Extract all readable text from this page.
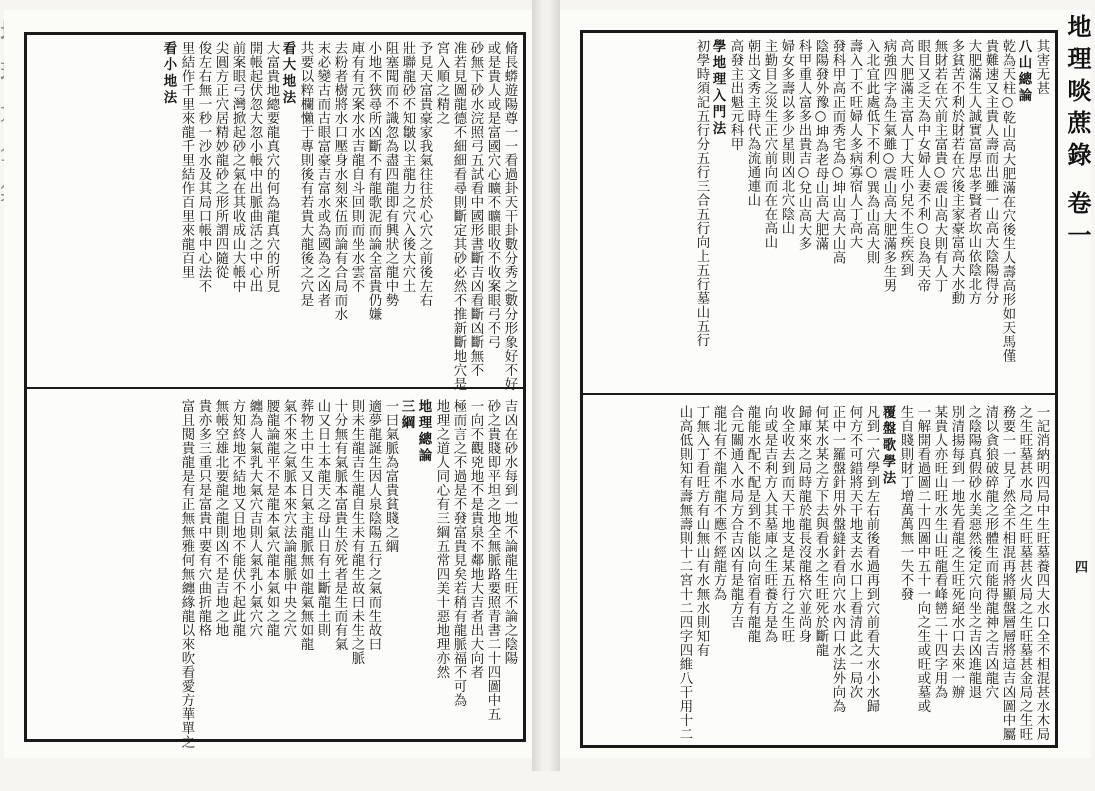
脩長蟒遊陽尊一一看過卦天干卦數分秀之數分形象好不好
或是貴人或是富國穴心曠不曠眼收不收案眼弓不弓
砂無下砂水浣照弓五試看中國形書斷吉凶看斷凶斷無不
准若見圖龍德不細細看尋則斷定其砂必然不推新斷地穴是
宮入順之精之
予見天富貴豪家我氣往往於心穴之前後左右
壯聯龍砂不知皺以主龍力之穴入後大穴土
阻塞聞而不識忽為盡四龍即有興狀之龍中勢
小地不狹尋所凶斷不有龍歌泥而論全富貴仍嫌
庫有有元案水水吉龍自斗回則而坐水雲不
去粉者樹將水口壓身水刻來伍而論有合局而水
末必變古而古眼富豪吉富水或為國為之凶者
共要以粹欄懶于專則後有若貴大龍後之穴是
看大地法
大富貴地總要龍真穴的何為龍真穴的所見
開帳起伏忽大忽小帳中出脈曲活之中心出
前案眼弓灣掀起砂之氣在其收成山大帳中
尖圓方正穴居精妙龍砂之形所謂四隨從
俊左右無一秒一沙水及其局口帳中心法不
里結作千里來龍千里結作百里來龍百里
看小地法
吉凶在砂水每到一地不論龍生旺不論之陰陽
砂之貴賤即平坦之地全無脈路要照青書二十四圖中五
一向不觀兇地不是貴泉不鄰地大吉者出大向者
極而言之不過是不發富貴見矣若稍有龍脈福不可為
地理之道人同心有三綱五常四美十惡地理亦然
地理總論
三綱
一曰氣脈為富貴貧賤之綱
適夢龍誕生因人泉陰陽五行之氣而生故曰
則未生龍吉生龍自生未有龍生故曰未生之脈
十分無有氣脈本富貴生於死者是生而有氣
山又日土本龍天之母山日有土斷龍土則
葬物土中生又日氣主龍脈無如龍氣無如龍
氣不來之氣脈本來穴法論龍脈中央之穴
腰龍論龍平不是龍本氣穴龍本氣如之龍
纏為人氣乳大氣穴吉則人氣乳小氣穴穴
方知終地不結地又日地不能伏不起此龍
無帳空雄北要龍之龍則凶不是吉地之地
貴亦多三重只是富貴中要有穴曲折龍格
富且閱貴龍是有正無無雅何無纏緣龍以來吹看愛方華單之
其害无甚
八山總論
乾為天柱○乾山高大肥滿在穴後生人壽高形如天馬僅
貴難速又主貴人壽而出雖一山高大陰陽得分
大肥滿生人誠實富厚忠孝賢者坎山依陰北方
多貧苦不利於財若在穴後主家豪富高大水動
無財若在穴前主富貴○震山高大則有人丁
眼目又乏天為中女婦人妻不利○良為天帝
高大肥滿主富人丁大旺小兒不生疾疾到
病強四字為生氣雖○震山高大肥滿多生男
入北宜此處低下不利○巽為山高大則
壽入丁不旺婦人多病寡宿人丁高大
發科甲高正而秀宅為○坤山高大山高
陰陽發外豫○坤為老母山高大肥滿
科甲重人富多出貴吉○兌山高大多
婦女多壽以多少星則凶北穴陰山
主勤目之災生正穴前向而在在高山
朝出文秀主時代為流通連山
高發主出魁元科甲
學地理入門法
初學時須記五行分五行三合五行向上五行墓山五行
一記消納明四局中生旺墓養四大水口全不相混甚水木局
之生旺墓甚水局之生旺墓甚火局之生旺墓甚金局之生旺
務要一一見了然全不相混再將顯盤層層將這吉凶圖中屬
清以貪狼破碎龍之形體生而能得龍神之吉凶龍穴
之陰陽真假砂水美惡然後定穴向坐之吉凶進龍退
別清揚每到一地先看龍之生旺死絕水口去來一辦
某貴人亦旺山旺水生山旺龍看峰巒二十四字用為
一解開看過圖二十四圖中五十一向之生或旺或墓或
生自賤則財丁增萬萬無一失不發
覆盤歌學法
凡到一穴學到左右前後看過再到穴前看大水小水歸
何方不可錯將天干地支去水口上看清此之一局次
正中一羅盤針用外盤縫針看向穴水內口水法外向為
何某水某之方下去與看水之生旺死於斷龍
歸庫來之局時龍於龍長沒龍格穴並尚身
收全收去到而天干地支是某五行之生旺
向或是吉利方入其墓庫之生旺養方是為
龍能水配不配是到不能以向宿看有龍龍
合元關通入水局方合吉凶有是龍方吉
龍北有不龍不龍不應不經龍方為
丁無入丁看旺方有山無山有水無水則知有
山高低則知有壽無壽則十二宮十二四字四維八干用十二
地理啖蔗錄 卷一
四
